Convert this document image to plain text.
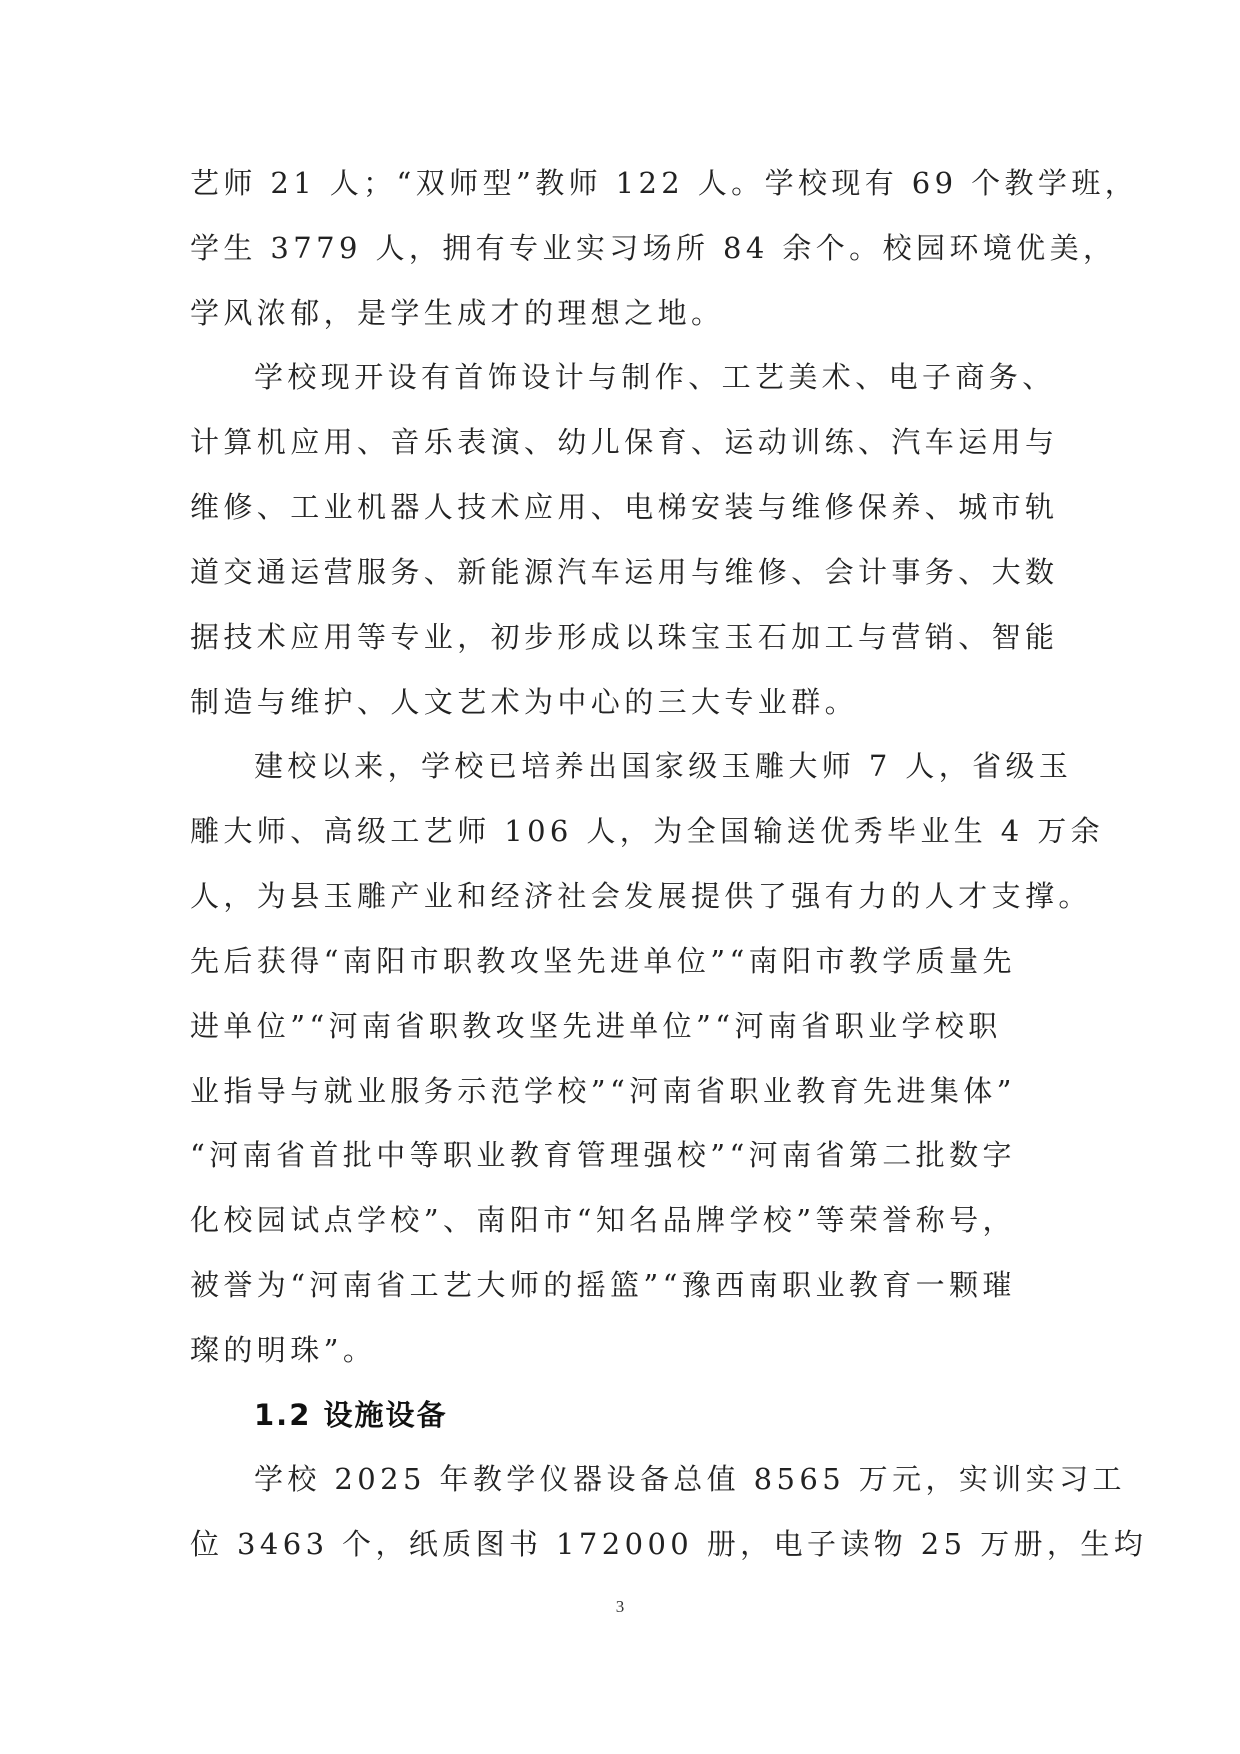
艺师 21 人；“双师型”教师 122 人。学校现有 69 个教学班，
学生 3779 人，拥有专业实习场所 84 余个。校园环境优美，
学风浓郁，是学生成才的理想之地。
学校现开设有首饰设计与制作、工艺美术、电子商务、
计算机应用、音乐表演、幼儿保育、运动训练、汽车运用与
维修、工业机器人技术应用、电梯安装与维修保养、城市轨
道交通运营服务、新能源汽车运用与维修、会计事务、大数
据技术应用等专业，初步形成以珠宝玉石加工与营销、智能
制造与维护、人文艺术为中心的三大专业群。
建校以来，学校已培养出国家级玉雕大师 7 人，省级玉
雕大师、高级工艺师 106 人，为全国输送优秀毕业生 4 万余
人，为县玉雕产业和经济社会发展提供了强有力的人才支撑。
先后获得“南阳市职教攻坚先进单位”“南阳市教学质量先
进单位”“河南省职教攻坚先进单位”“河南省职业学校职
业指导与就业服务示范学校”“河南省职业教育先进集体”
“河南省首批中等职业教育管理强校”“河南省第二批数字
化校园试点学校”、南阳市“知名品牌学校”等荣誉称号，
被誉为“河南省工艺大师的摇篮”“豫西南职业教育一颗璀
璨的明珠”。
1.2 设施设备
学校 2025 年教学仪器设备总值 8565 万元，实训实习工
位 3463 个，纸质图书 172000 册，电子读物 25 万册，生均
3
